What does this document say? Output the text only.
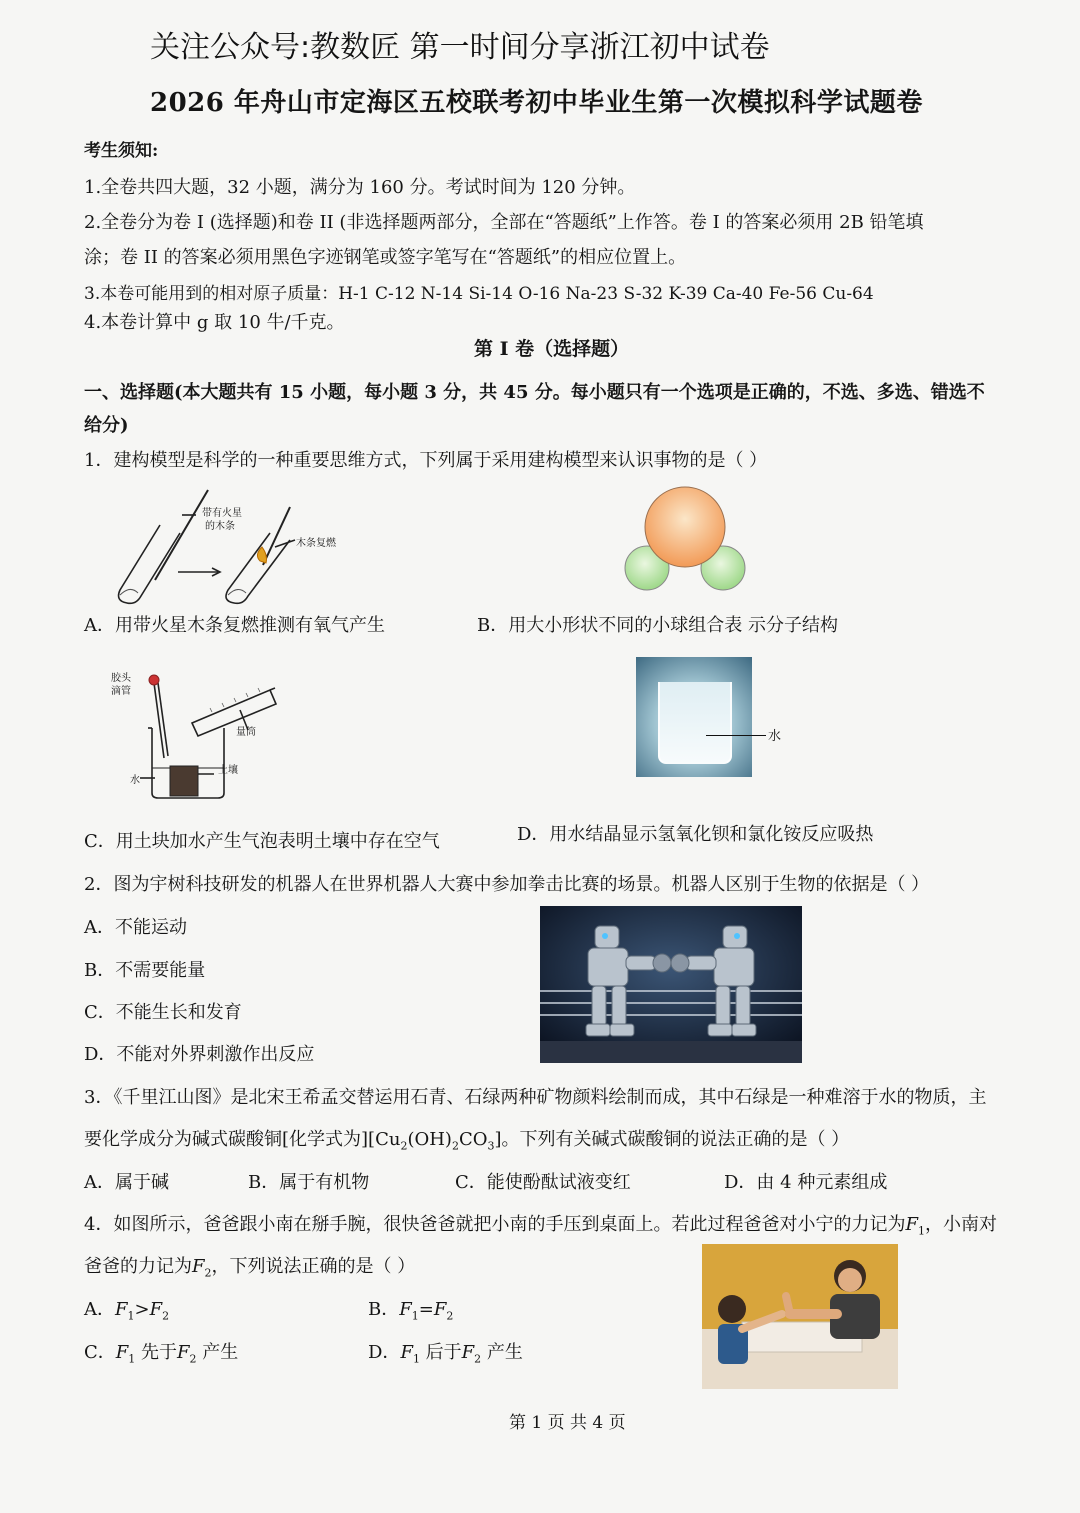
关注公众号:教数匠 第一时间分享浙江初中试卷
2026 年舟山市定海区五校联考初中毕业生第一次模拟科学试题卷
考生须知:
1.全卷共四大题，32 小题，满分为 160 分。考试时间为 120 分钟。
2.全卷分为卷 I (选择题)和卷 II (非选择题两部分，全部在“答题纸”上作答。卷 I 的答案必须用 2B 铅笔填
涂；卷 II 的答案必须用黑色字迹钢笔或签字笔写在“答题纸”的相应位置上。
3.本卷可能用到的相对原子质量：H-1 C-12 N-14 Si-14 O-16 Na-23 S-32 K-39 Ca-40 Fe-56 Cu-64
4.本卷计算中 g 取 10 牛/千克。
第 I 卷（选择题）
一、选择题(本大题共有 15 小题，每小题 3 分，共 45 分。每小题只有一个选项是正确的，不选、多选、错选不给分)
1．建构模型是科学的一种重要思维方式，下列属于采用建构模型来认识事物的是（ ）
带有火星
的木条
木条复燃
A．用带火星木条复燃推测有氧气产生	B．用大小形状不同的小球组合表 示分子结构
胶头
滴管
量筒
土壤
水
水
C．用土块加水产生气泡表明土壤中存在空气	D．用水结晶显示氢氧化钡和氯化铵反应吸热
2．图为宇树科技研发的机器人在世界机器人大赛中参加拳击比赛的场景。机器人区别于生物的依据是（ ）
A．不能运动
B．不需要能量
C．不能生长和发育
D．不能对外界刺激作出反应
3．《千里江山图》是北宋王希孟交替运用石青、石绿两种矿物颜料绘制而成，其中石绿是一种难溶于水的物质，主
要化学成分为碱式碳酸铜[化学式为]$[Cu_2(OH)_2CO_3]$。下列有关碱式碳酸铜的说法正确的是（ ）
A．属于碱	B．属于有机物	C．能使酚酞试液变红	D．由 4 种元素组成
4．如图所示，爸爸跟小南在掰手腕，很快爸爸就把小南的手压到桌面上。若此过程爸爸对小宁的力记为$F_1$，小南对
爸爸的力记为$F_2$，下列说法正确的是（ ）
A．$F_1>F_2$	B．$F_1=F_2$
C．$F_1$ 先于$F_2$ 产生	D．$F_1$ 后于$F_2$ 产生
第 1 页 共 4 页
